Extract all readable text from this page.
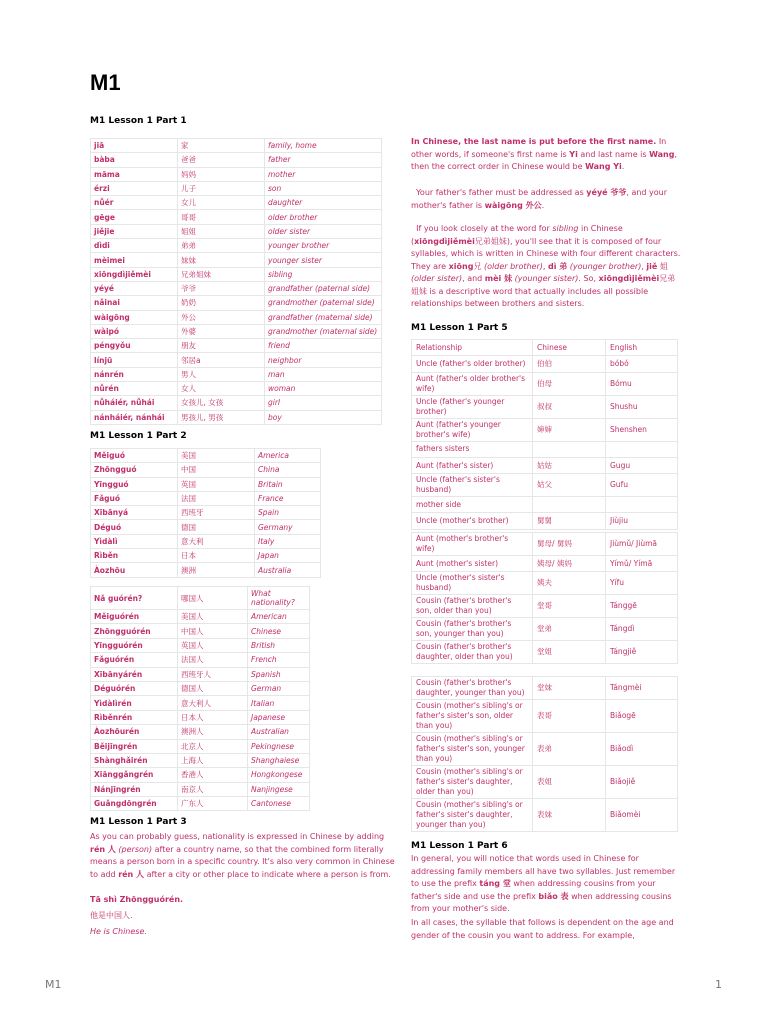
M1
M1 Lesson 1 Part 1
jiā	家	family, home
bàba	爸爸	father
māma	妈妈	mother
érzi	儿子	son
nǚér	女儿	daughter
gēge	哥哥	older brother
jiějie	姐姐	older sister
dìdi	弟弟	younger brother
mèimei	妹妹	younger sister
xiōngdìjiěmèi	兄弟姐妹	sibling
yéyé	爷爷	grandfather (paternal side)
nǎinai	奶奶	grandmother (paternal side)
wàigōng	外公	grandfather (maternal side)
wàipó	外婆	grandmother (maternal side)
péngyǒu	朋友	friend
línjū	邻居a	neighbor
nánrén	男人	man
nǚrén	女人	woman
nǚháiér, nǚhái	女孩儿, 女孩	girl
nánháiér, nánhái	男孩儿, 男孩	boy
M1 Lesson 1 Part 2
Měiguó	美国	America
Zhōngguó	中国	China
Yīngguó	英国	Britain
Fǎguó	法国	France
Xībānyá	西班牙	Spain
Déguó	德国	Germany
Yìdàlì	意大利	Italy
Rìběn	日本	Japan
Àozhōu	澳洲	Australia
Nǎ guórén?	哪国人	What nationality?
Měiguórén	美国人	American
Zhōngguórén	中国人	Chinese
Yīngguórén	英国人	British
Fǎguórén	法国人	French
Xībānyárén	西班牙人	Spanish
Déguórén	德国人	German
Yìdàlìrén	意大利人	Italian
Rìběnrén	日本人	Japanese
Àozhōurén	澳洲人	Australian
Běijīngrén	北京人	Pekingnese
Shànghǎirén	上海人	Shanghaiese
Xiānggǎngrén	香港人	Hongkongese
Nánjīngrén	南京人	Nanjingese
Guǎngdōngrén	广东人	Cantonese
M1 Lesson 1 Part 3
As you can probably guess, nationality is expressed in Chinese by adding rén 人 (person) after a country name, so that the combined form literally means a person born in a specific country. It's also very common in Chinese to add rén 人 after a city or other place to indicate where a person is from.
Tā shì Zhōngguórén.
他是中国人.
He is Chinese.
In Chinese, the last name is put before the first name. In other words, if someone's first name is Yi and last name is Wang, then the correct order in Chinese would be Wang Yi.
Your father's father must be addressed as yéyé 爷爷, and your mother's father is wàigōng 外公.
If you look closely at the word for sibling in Chinese (xiōngdìjiěmèi兄弟姐妹), you'll see that it is composed of four syllables, which is written in Chinese with four different characters. They are xiōng兄 (older brother), dì 弟 (younger brother), jiě 姐 (older sister), and mèi 妹 (younger sister). So, xiōngdìjiěmèi兄弟姐妹 is a descriptive word that actually includes all possible relationships between brothers and sisters.
M1 Lesson 1 Part 5
Relationship	Chinese	English
Uncle (father's older brother)	伯伯	bóbó
Aunt (father's older brother's wife)	伯母	Bómu
Uncle (father's younger brother)	叔叔	Shushu
Aunt (father's younger brother's wife)	婶婶	Shenshen
fathers sisters		
Aunt (father's sister)	姑姑	Gugu
Uncle (father's sister's husband)	姑父	Gufu
mother side		
Uncle (mother's brother)	舅舅	Jiùjiu
Aunt (mother's brother's wife)	舅母/ 舅妈	Jiùmǔ/ Jiùmā
Aunt (mother's sister)	姨母/ 姨妈	Yímǔ/ Yímā
Uncle (mother's sister's husband)	姨夫	Yífu
Cousin (father's brother's son, older than you)	堂哥	Tánggē
Cousin (father's brother's son, younger than you)	堂弟	Tángdì
Cousin (father's brother's daughter, older than you)	堂姐	Tángjiě
Cousin (father's brother's daughter, younger than you)	堂妹	Tángmèi
Cousin (mother's sibling's or father's sister's son, older than you)	表哥	Biǎogē
Cousin (mother's sibling's or father's sister's son, younger than you)	表弟	Biǎodì
Cousin (mother's sibling's or father's sister's daughter, older than you)	表姐	Biǎojiě
Cousin (mother's sibling's or father's sister's daughter, younger than you)	表妹	Biǎomèi
M1 Lesson 1 Part 6
In general, you will notice that words used in Chinese for addressing family members all have two syllables. Just remember to use the prefix táng 堂 when addressing cousins from your father's side and use the prefix biǎo 表 when addressing cousins from your mother's side.
In all cases, the syllable that follows is dependent on the age and gender of the cousin you want to address. For example,
M1	1
